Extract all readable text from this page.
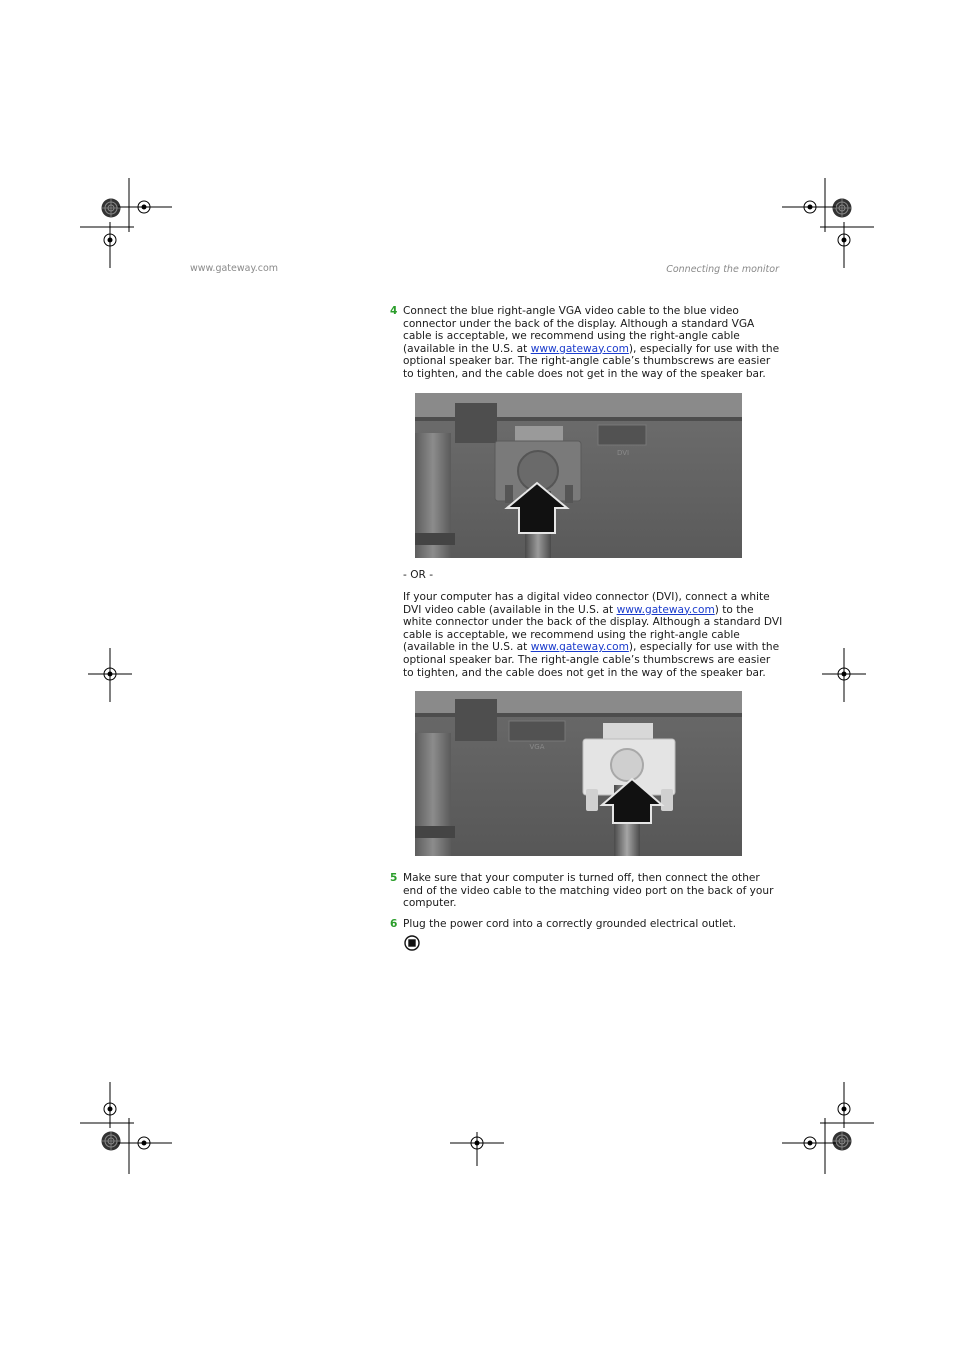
www.gateway.com	Connecting the monitor
4 Connect the blue right-angle VGA video cable to the blue video connector under the back of the display. Although a standard VGA cable is acceptable, we recommend using the right-angle cable (available in the U.S. at www.gateway.com), especially for use with the optional speaker bar. The right-angle cable’s thumbscrews are easier to tighten, and the cable does not get in the way of the speaker bar.
DVI
- OR -
If your computer has a digital video connector (DVI), connect a white DVI video cable (available in the U.S. at www.gateway.com) to the white connector under the back of the display. Although a standard DVI cable is acceptable, we recommend using the right-angle cable (available in the U.S. at www.gateway.com), especially for use with the optional speaker bar. The right-angle cable’s thumbscrews are easier to tighten, and the cable does not get in the way of the speaker bar.
VGA
5 Make sure that your computer is turned off, then connect the other end of the video cable to the matching video port on the back of your computer.
6 Plug the power cord into a correctly grounded electrical outlet.
